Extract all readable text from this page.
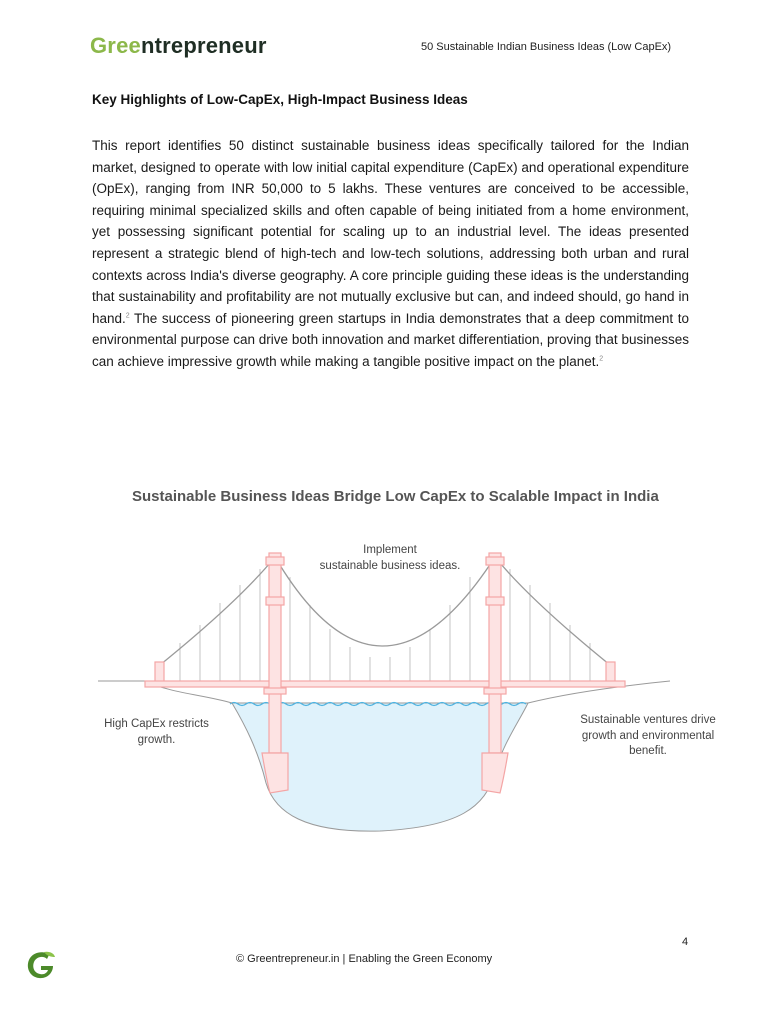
Greentrepreneur	50 Sustainable Indian Business Ideas (Low CapEx)
Key Highlights of Low-CapEx, High-Impact Business Ideas
This report identifies 50 distinct sustainable business ideas specifically tailored for the Indian market, designed to operate with low initial capital expenditure (CapEx) and operational expenditure (OpEx), ranging from INR 50,000 to 5 lakhs. These ventures are conceived to be accessible, requiring minimal specialized skills and often capable of being initiated from a home environment, yet possessing significant potential for scaling up to an industrial level. The ideas presented represent a strategic blend of high-tech and low-tech solutions, addressing both urban and rural contexts across India's diverse geography. A core principle guiding these ideas is the understanding that sustainability and profitability are not mutually exclusive but can, and indeed should, go hand in hand.$^2$ The success of pioneering green startups in India demonstrates that a deep commitment to environmental purpose can drive both innovation and market differentiation, proving that businesses can achieve impressive growth while making a tangible positive impact on the planet.$^2$
Sustainable Business Ideas Bridge Low CapEx to Scalable Impact in India
Implement
sustainable business ideas.
High CapEx restricts
growth.
Sustainable ventures drive
growth and environmental
benefit.
4
© Greentrepreneur.in | Enabling the Green Economy
